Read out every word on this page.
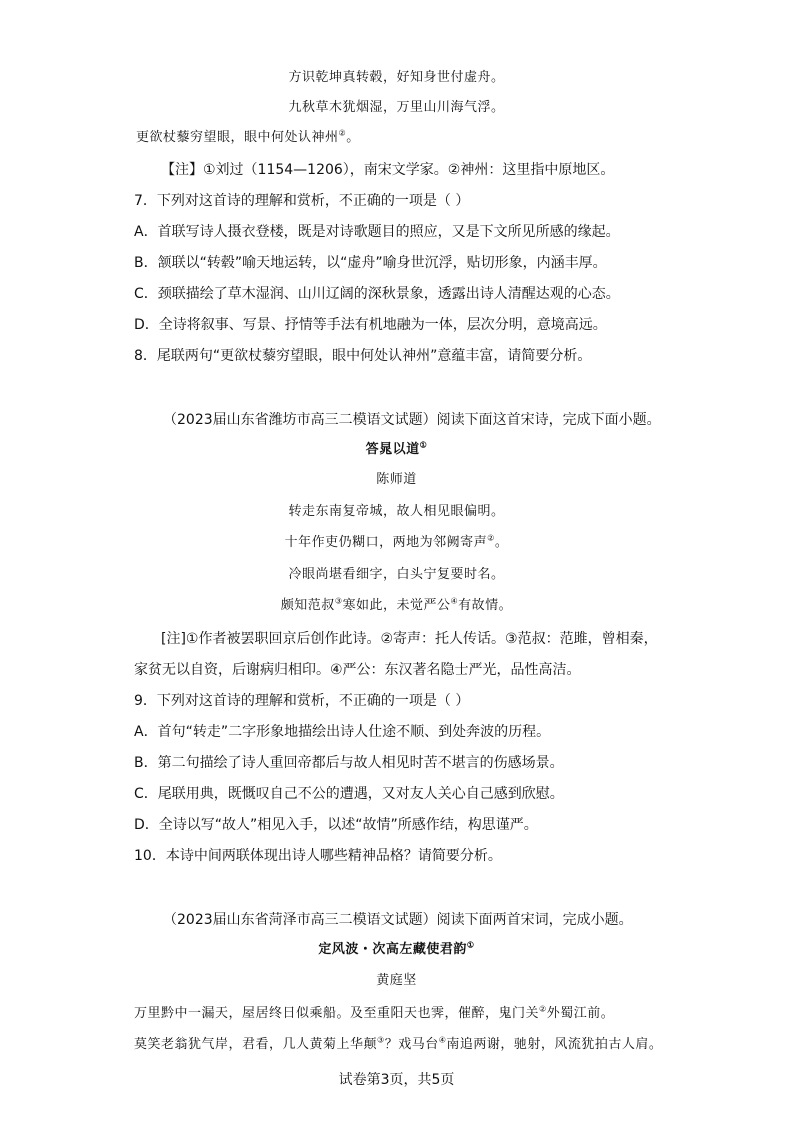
方识乾坤真转毂，好知身世付虚舟。
九秋草木犹烟湿，万里山川海气浮。
更欲杖藜穷望眼，眼中何处认神州②。
【注】①刘过（1154—1206），南宋文学家。②神州：这里指中原地区。
7．下列对这首诗的理解和赏析，不正确的一项是（ ）
A．首联写诗人摄衣登楼，既是对诗歌题目的照应，又是下文所见所感的缘起。
B．颔联以“转毂”喻天地运转，以“虚舟”喻身世沉浮，贴切形象，内涵丰厚。
C．颈联描绘了草木湿润、山川辽阔的深秋景象，透露出诗人清醒达观的心态。
D．全诗将叙事、写景、抒情等手法有机地融为一体，层次分明，意境高远。
8．尾联两句“更欲杖藜穷望眼，眼中何处认神州”意蕴丰富，请简要分析。
（2023届山东省潍坊市高三二模语文试题）阅读下面这首宋诗，完成下面小题。
答晁以道①
陈师道
转走东南复帝城，故人相见眼偏明。
十年作吏仍糊口，两地为邻阙寄声②。
冷眼尚堪看细字，白头宁复要时名。
颇知范叔③寒如此，未觉严公④有故情。
[注]①作者被罢职回京后创作此诗。②寄声：托人传话。③范叔：范雎，曾相秦，
家贫无以自资，后谢病归相印。④严公：东汉著名隐士严光，品性高洁。
9．下列对这首诗的理解和赏析，不正确的一项是（ ）
A．首句“转走”二字形象地描绘出诗人仕途不顺、到处奔波的历程。
B．第二句描绘了诗人重回帝都后与故人相见时苦不堪言的伤感场景。
C．尾联用典，既慨叹自己不公的遭遇，又对友人关心自己感到欣慰。
D．全诗以写“故人”相见入手，以述“故情”所感作结，构思谨严。
10．本诗中间两联体现出诗人哪些精神品格？请简要分析。
（2023届山东省菏泽市高三二模语文试题）阅读下面两首宋词，完成小题。
定风波・次高左藏使君韵①
黄庭坚
万里黔中一漏天，屋居终日似乘船。及至重阳天也霁，催醉，鬼门关②外蜀江前。
莫笑老翁犹气岸，君看，几人黄菊上华颠③？戏马台④南追两谢，驰射，风流犹拍古人肩。
试卷第3页，共5页
